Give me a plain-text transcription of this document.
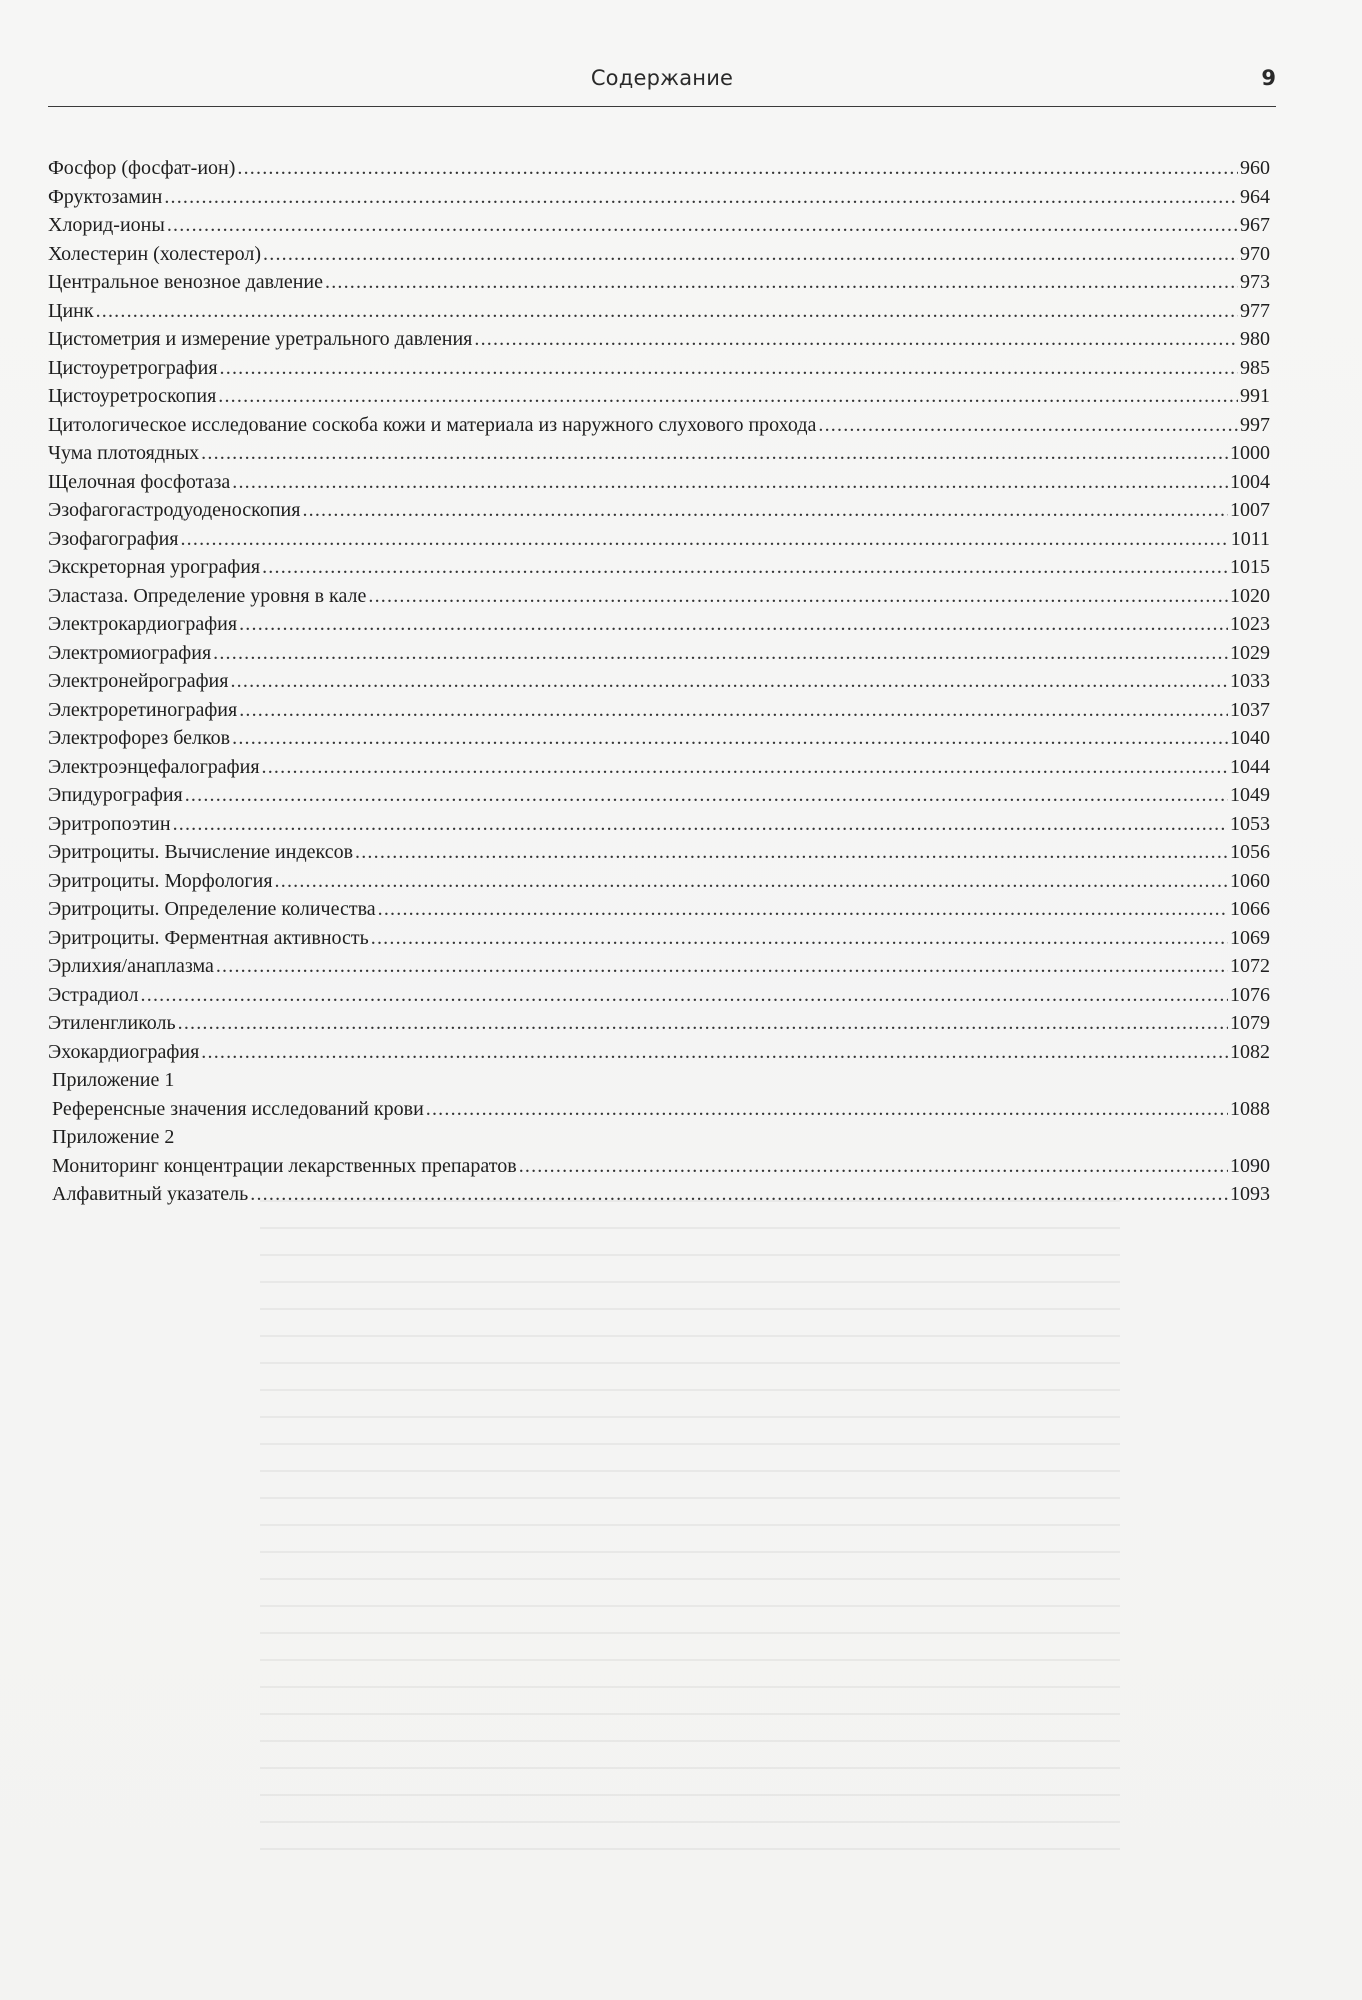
Содержание	9
Фосфор (фосфат-ион) .....	960
Фруктозамин .....	964
Хлорид-ионы .....	967
Холестерин (холестерол) .....	970
Центральное венозное давление .....	973
Цинк .....	977
Цистометрия и измерение уретрального давления .....	980
Цистоуретрография .....	985
Цистоуретроскопия .....	991
Цитологическое исследование соскоба кожи и материала из наружного слухового прохода .....	997
Чума плотоядных .....	1000
Щелочная фосфотаза .....	1004
Эзофагогастродуоденоскопия .....	1007
Эзофагография .....	1011
Экскреторная урография .....	1015
Эластаза. Определение уровня в кале .....	1020
Электрокардиография .....	1023
Электромиография .....	1029
Электронейрография .....	1033
Электроретинография .....	1037
Электрофорез белков .....	1040
Электроэнцефалография .....	1044
Эпидурография .....	1049
Эритропоэтин .....	1053
Эритроциты. Вычисление индексов .....	1056
Эритроциты. Морфология .....	1060
Эритроциты. Определение количества .....	1066
Эритроциты. Ферментная активность .....	1069
Эрлихия/анаплазма .....	1072
Эстрадиол .....	1076
Этиленгликоль .....	1079
Эхокардиография .....	1082
Приложение 1
Референсные значения исследований крови .....	1088
Приложение 2
Мониторинг концентрации лекарственных препаратов .....	1090
Алфавитный указатель .....	1093
